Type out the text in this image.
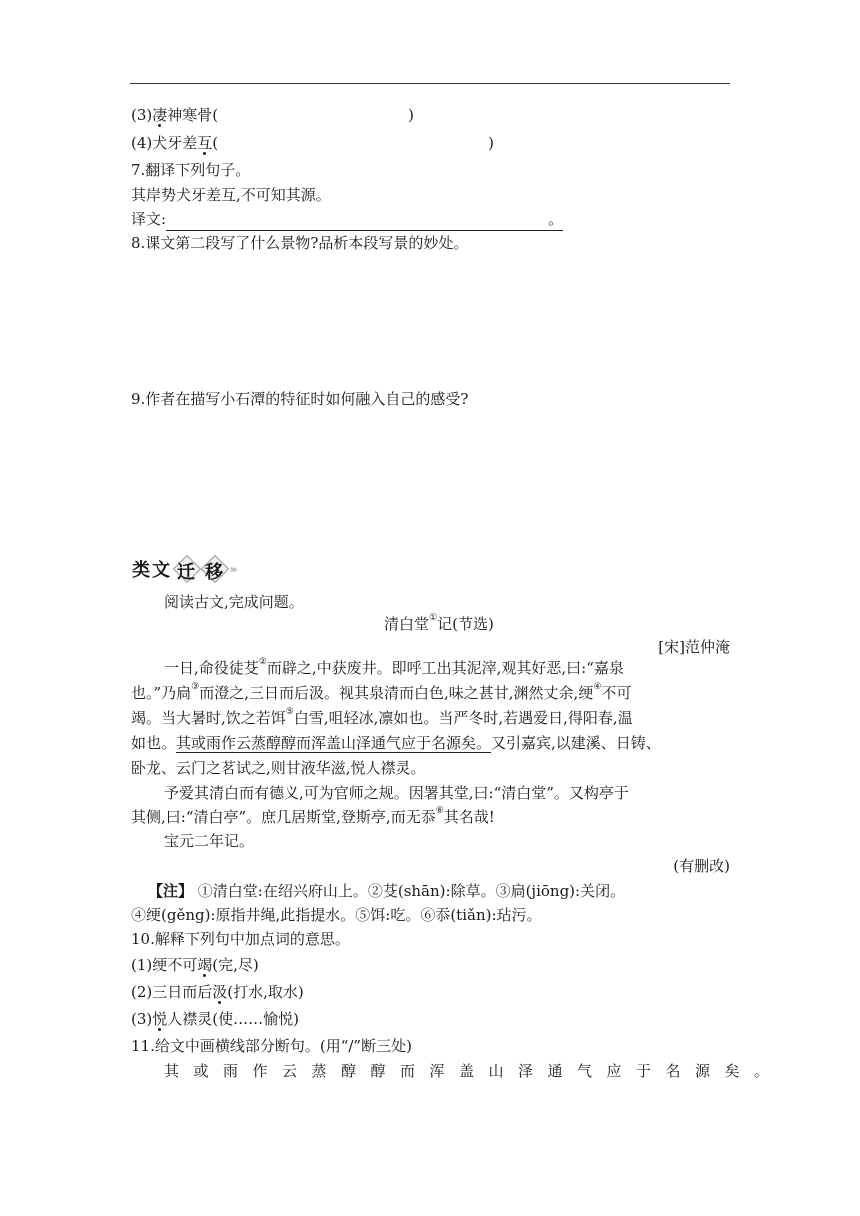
(3)凄神寒骨(	)
(4)犬牙差互(	)
7.翻译下列句子。
其岸势犬牙差互,不可知其源。
译文:	。
8.课文第二段写了什么景物?品析本段写景的妙处。
9.作者在描写小石潭的特征时如何融入自己的感受?
类 文 迁 移 ››››
阅读古文,完成问题。
清白堂①记(节选)
[宋]范仲淹
一日,命役徒芟②而辟之,中获废井。即呼工出其泥滓,观其好恶,曰:“嘉泉
也。”乃扃③而澄之,三日而后汲。视其泉清而白色,味之甚甘,渊然丈余,绠④不可
竭。当大暑时,饮之若饵⑤白雪,咀轻冰,凛如也。当严冬时,若遇爱日,得阳春,温
如也。其或雨作云蒸醇醇而浑盖山泽通气应于名源矣。又引嘉宾,以建溪、日铸、
卧龙、云门之茗试之,则甘液华滋,悦人襟灵。
予爱其清白而有德义,可为官师之规。因署其堂,曰:“清白堂”。又构亭于
其侧,曰:“清白亭”。庶几居斯堂,登斯亭,而无忝⑥其名哉!
宝元二年记。
(有删改)
【注】 ①清白堂:在绍兴府山上。②芟(shān):除草。③扃(jiōng):关闭。
④绠(gěng):原指井绳,此指提水。⑤饵:吃。⑥忝(tiǎn):玷污。
10.解释下列句中加点词的意思。
(1)绠不可竭(完,尽)
(2)三日而后汲(打水,取水)
(3)悦人襟灵(使……愉悦)
11.给文中画横线部分断句。(用“/”断三处)
其或雨作云蒸醇醇而浑盖山泽通气应于名源矣。
